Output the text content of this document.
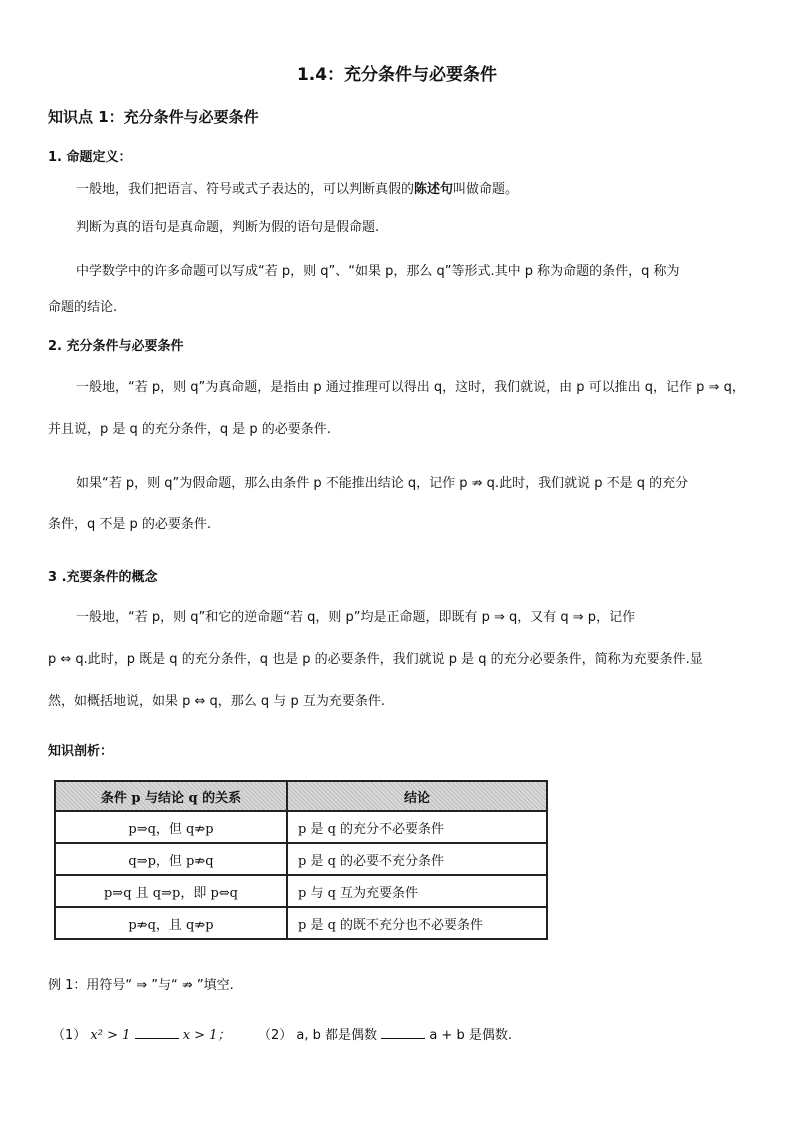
1.4：充分条件与必要条件
知识点 1：充分条件与必要条件
1. 命题定义：
一般地，我们把语言、符号或式子表达的，可以判断真假的陈述句叫做命题。
判断为真的语句是真命题，判断为假的语句是假命题.
中学数学中的许多命题可以写成“若 p，则 q”、“如果 p，那么 q”等形式.其中 p 称为命题的条件，q 称为
命题的结论.
2. 充分条件与必要条件
一般地，“若 p，则 q”为真命题，是指由 p 通过推理可以得出 q，这时，我们就说，由 p 可以推出 q，记作 p ⇒ q，
并且说，p 是 q 的充分条件，q 是 p 的必要条件.
如果“若 p，则 q”为假命题，那么由条件 p 不能推出结论 q，记作 p ⇏ q.此时，我们就说 p 不是 q 的充分
条件，q 不是 p 的必要条件.
3 .充要条件的概念
一般地，“若 p，则 q”和它的逆命题“若 q，则 p”均是正命题，即既有 p ⇒ q，又有 q ⇒ p，记作
p ⇔ q.此时，p 既是 q 的充分条件，q 也是 p 的必要条件，我们就说 p 是 q 的充分必要条件，简称为充要条件.显
然，如概括地说，如果 p ⇔ q，那么 q 与 p 互为充要条件.
知识剖析：
条件 p 与结论 q 的关系	结论
p⇒q，但 q⇏p	p 是 q 的充分不必要条件
q⇒p，但 p⇏q	p 是 q 的必要不充分条件
p⇒q 且 q⇒p，即 p⇔q	p 与 q 互为充要条件
p⇏q，且 q⇏p	p 是 q 的既不充分也不必要条件
例 1：用符号“ ⇒ ”与“ ⇏ ”填空.
（1） x² > 1	x > 1； （2） a, b 都是偶数	a + b 是偶数.
